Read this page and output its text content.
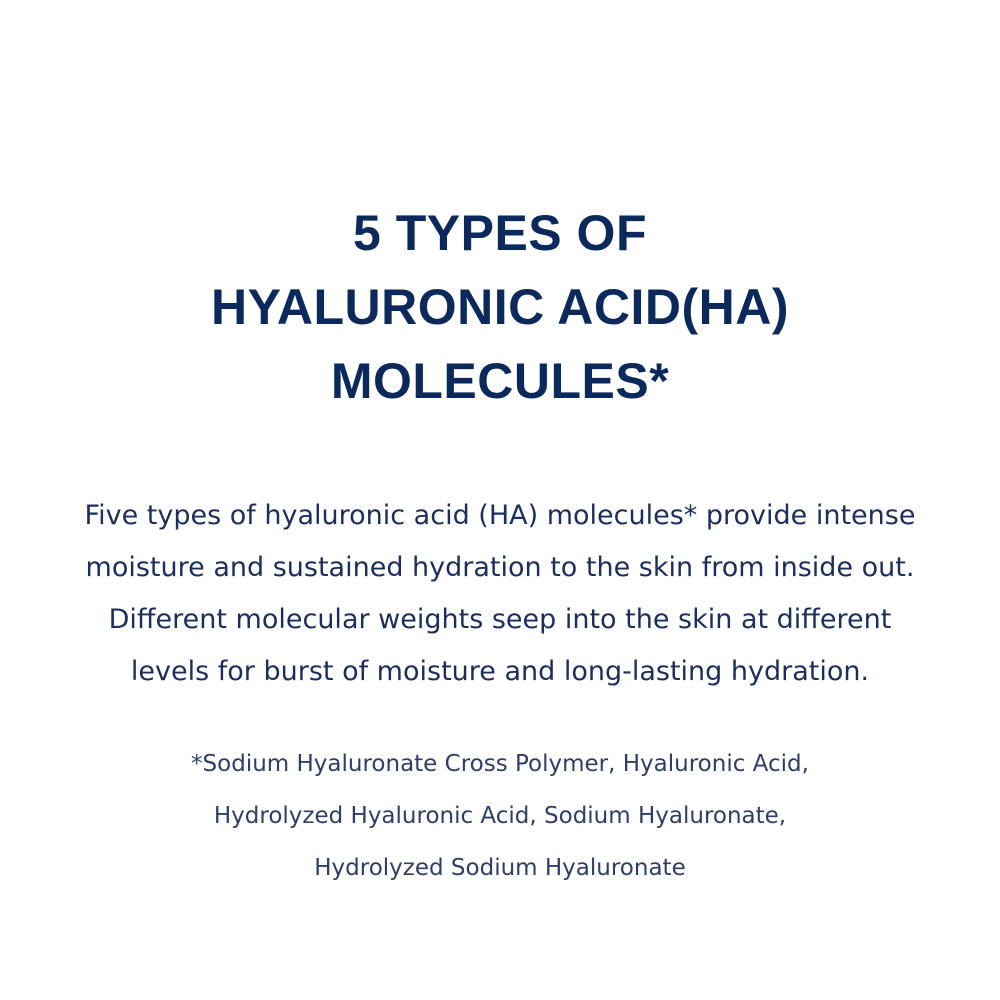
5 TYPES OF
HYALURONIC ACID(HA)
MOLECULES*

Five types of hyaluronic acid (HA) molecules* provide intense
moisture and sustained hydration to the skin from inside out.
Different molecular weights seep into the skin at different
levels for burst of moisture and long-lasting hydration.

*Sodium Hyaluronate Cross Polymer, Hyaluronic Acid,
Hydrolyzed Hyaluronic Acid, Sodium Hyaluronate,
Hydrolyzed Sodium Hyaluronate
